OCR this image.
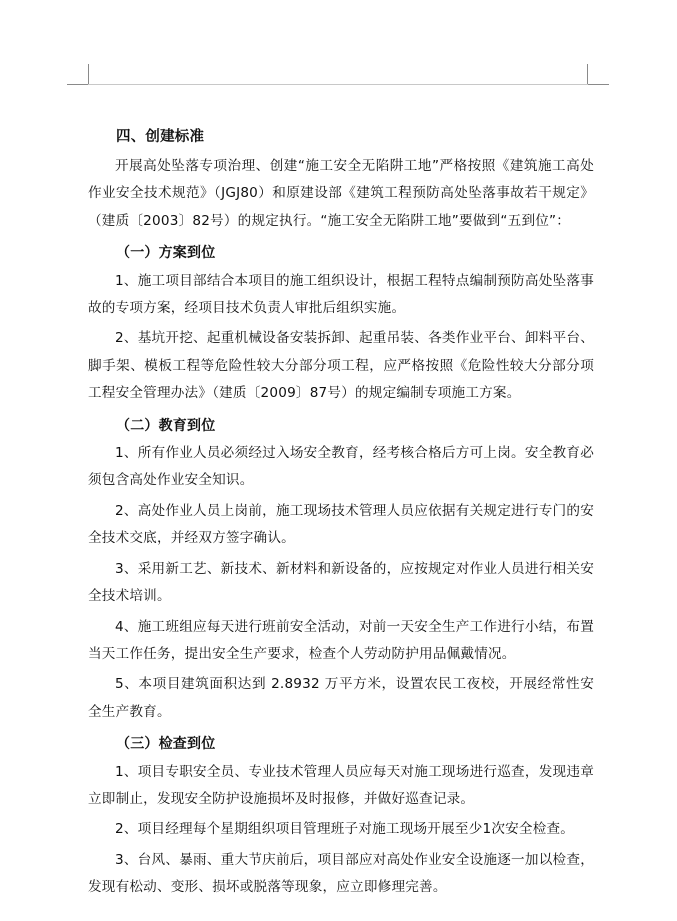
四、创建标准

开展高处坠落专项治理、创建“施工安全无陷阱工地”严格按照《建筑施工高处作业安全技术规范》（JGJ80）和原建设部《建筑工程预防高处坠落事故若干规定》（建质〔2003〕82号）的规定执行。“施工安全无陷阱工地”要做到“五到位”：

（一）方案到位

1、施工项目部结合本项目的施工组织设计，根据工程特点编制预防高处坠落事故的专项方案，经项目技术负责人审批后组织实施。

2、基坑开挖、起重机械设备安装拆卸、起重吊装、各类作业平台、卸料平台、脚手架、模板工程等危险性较大分部分项工程，应严格按照《危险性较大分部分项工程安全管理办法》（建质〔2009〕87号）的规定编制专项施工方案。

（二）教育到位

1、所有作业人员必须经过入场安全教育，经考核合格后方可上岗。安全教育必须包含高处作业安全知识。

2、高处作业人员上岗前，施工现场技术管理人员应依据有关规定进行专门的安全技术交底，并经双方签字确认。

3、采用新工艺、新技术、新材料和新设备的，应按规定对作业人员进行相关安全技术培训。

4、施工班组应每天进行班前安全活动，对前一天安全生产工作进行小结，布置当天工作任务，提出安全生产要求，检查个人劳动防护用品佩戴情况。

5、本项目建筑面积达到 2.8932 万平方米，设置农民工夜校，开展经常性安全生产教育。

（三）检查到位

1、项目专职安全员、专业技术管理人员应每天对施工现场进行巡查，发现违章立即制止，发现安全防护设施损坏及时报修，并做好巡查记录。

2、项目经理每个星期组织项目管理班子对施工现场开展至少1次安全检查。

3、台风、暴雨、重大节庆前后，项目部应对高处作业安全设施逐一加以检查，发现有松动、变形、损坏或脱落等现象，应立即修理完善。
